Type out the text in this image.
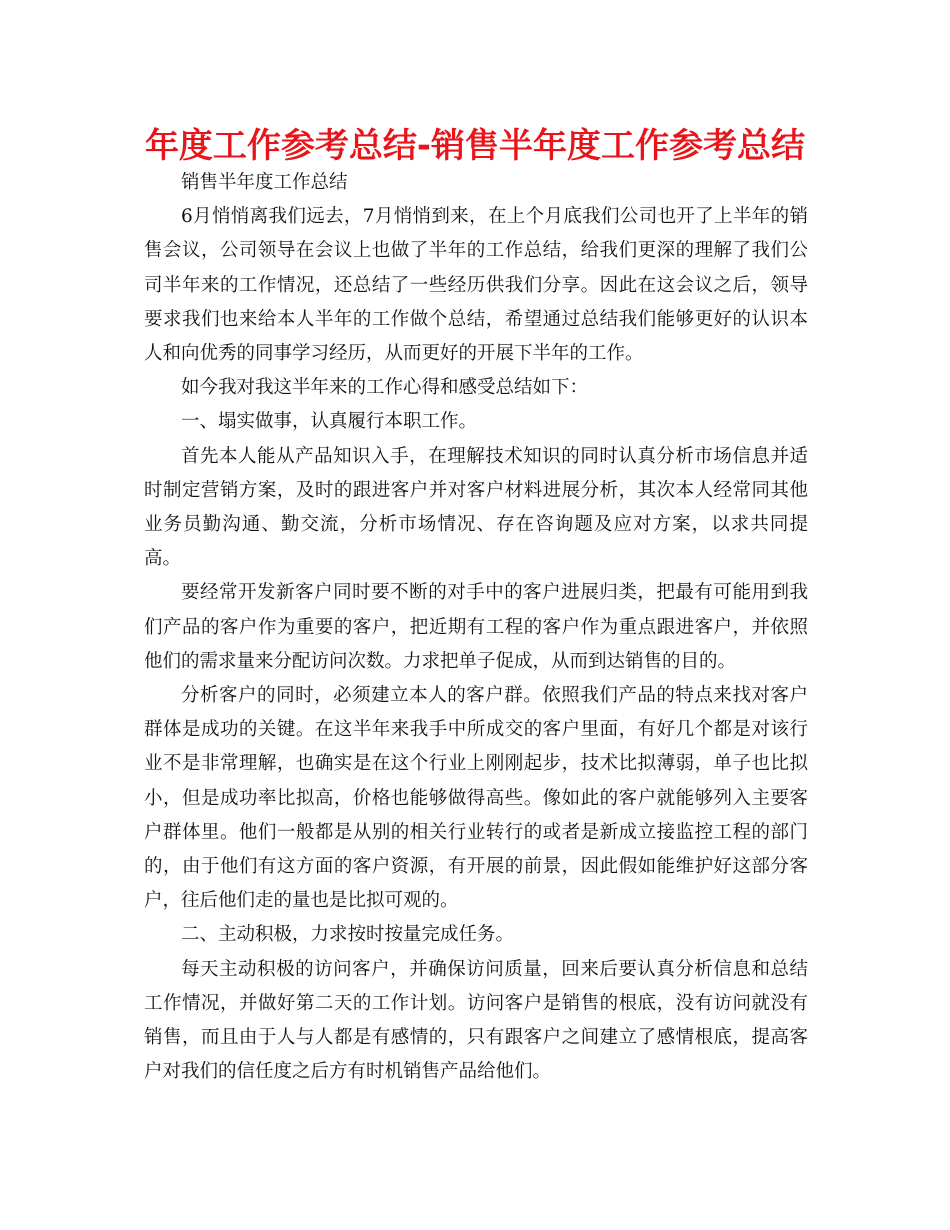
年度工作参考总结-销售半年度工作参考总结

销售半年度工作总结

6月悄悄离我们远去，7月悄悄到来，在上个月底我们公司也开了上半年的销售会议，公司领导在会议上也做了半年的工作总结，给我们更深的理解了我们公司半年来的工作情况，还总结了一些经历供我们分享。因此在这会议之后，领导要求我们也来给本人半年的工作做个总结，希望通过总结我们能够更好的认识本人和向优秀的同事学习经历，从而更好的开展下半年的工作。

如今我对我这半年来的工作心得和感受总结如下：

一、塌实做事，认真履行本职工作。

首先本人能从产品知识入手，在理解技术知识的同时认真分析市场信息并适时制定营销方案，及时的跟进客户并对客户材料进展分析，其次本人经常同其他业务员勤沟通、勤交流，分析市场情况、存在咨询题及应对方案，以求共同提高。

要经常开发新客户同时要不断的对手中的客户进展归类，把最有可能用到我们产品的客户作为重要的客户，把近期有工程的客户作为重点跟进客户，并依照他们的需求量来分配访问次数。力求把单子促成，从而到达销售的目的。

分析客户的同时，必须建立本人的客户群。依照我们产品的特点来找对客户群体是成功的关键。在这半年来我手中所成交的客户里面，有好几个都是对该行业不是非常理解，也确实是在这个行业上刚刚起步，技术比拟薄弱，单子也比拟小，但是成功率比拟高，价格也能够做得高些。像如此的客户就能够列入主要客户群体里。他们一般都是从别的相关行业转行的或者是新成立接监控工程的部门的，由于他们有这方面的客户资源，有开展的前景，因此假如能维护好这部分客户，往后他们走的量也是比拟可观的。

二、主动积极，力求按时按量完成任务。

每天主动积极的访问客户，并确保访问质量，回来后要认真分析信息和总结工作情况，并做好第二天的工作计划。访问客户是销售的根底，没有访问就没有销售，而且由于人与人都是有感情的，只有跟客户之间建立了感情根底，提高客户对我们的信任度之后方有时机销售产品给他们。
